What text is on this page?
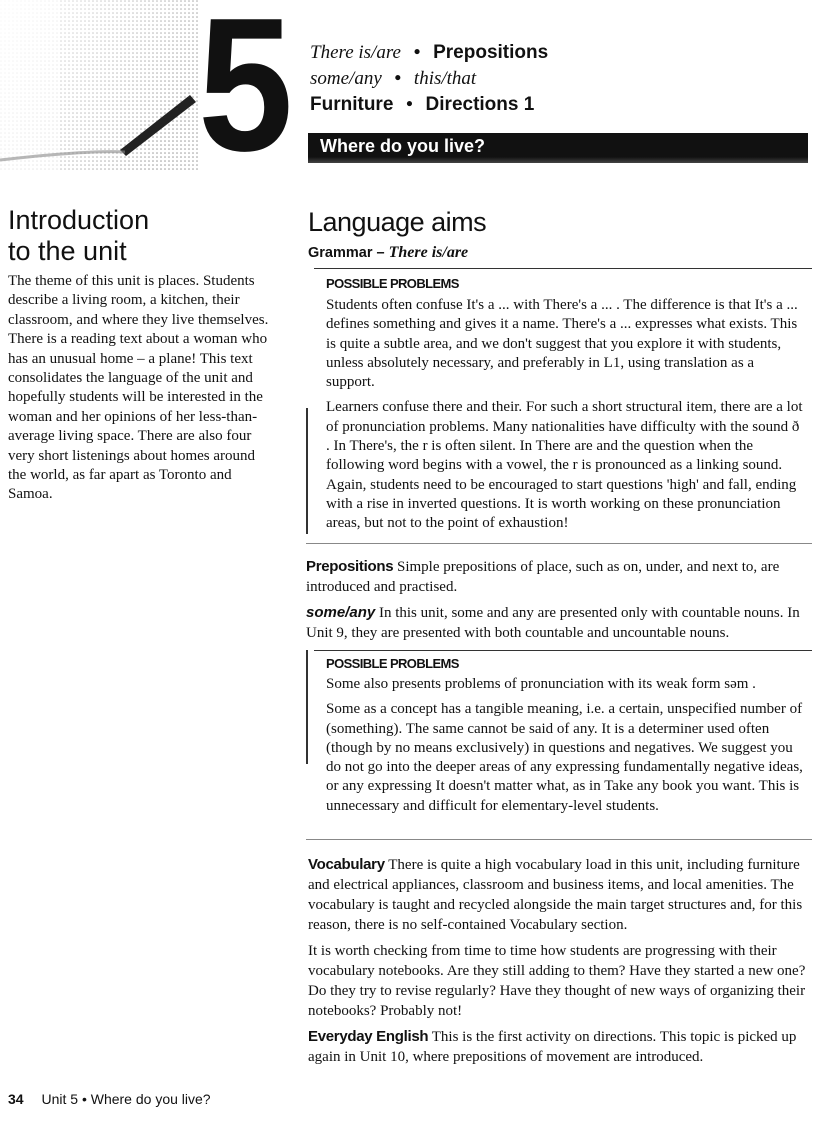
5 There is/are • Prepositions
some/any • this/that
Furniture • Directions 1
Where do you live?
Introduction
to the unit
The theme of this unit is places. Students describe a living room, a kitchen, their classroom, and where they live themselves. There is a reading text about a woman who has an unusual home – a plane! This text consolidates the language of the unit and hopefully students will be interested in the woman and her opinions of her less-than-average living space. There are also four very short listenings about homes around the world, as far apart as Toronto and Samoa.
Language aims
Grammar – There is/are
POSSIBLE PROBLEMS

Students often confuse It's a ... with There's a ... . The difference is that It's a ... defines something and gives it a name. There's a ... expresses what exists. This is quite a subtle area, and we don't suggest that you explore it with students, unless absolutely necessary, and preferably in L1, using translation as a support.

Learners confuse there and their. For such a short structural item, there are a lot of pronunciation problems. Many nationalities have difficulty with the sound ð . In There's, the r is often silent. In There are and the question when the following word begins with a vowel, the r is pronounced as a linking sound. Again, students need to be encouraged to start questions 'high' and fall, ending with a rise in inverted questions. It is worth working on these pronunciation areas, but not to the point of exhaustion!

Prepositions Simple prepositions of place, such as on, under, and next to, are introduced and practised.

some/any In this unit, some and any are presented only with countable nouns. In Unit 9, they are presented with both countable and uncountable nouns.

POSSIBLE PROBLEMS

Some also presents problems of pronunciation with its weak form səm .

Some as a concept has a tangible meaning, i.e. a certain, unspecified number of (something). The same cannot be said of any. It is a determiner used often (though by no means exclusively) in questions and negatives. We suggest you do not go into the deeper areas of any expressing fundamentally negative ideas, or any expressing It doesn't matter what, as in Take any book you want. This is unnecessary and difficult for elementary-level students.

Vocabulary There is quite a high vocabulary load in this unit, including furniture and electrical appliances, classroom and business items, and local amenities. The vocabulary is taught and recycled alongside the main target structures and, for this reason, there is no self-contained Vocabulary section.

It is worth checking from time to time how students are progressing with their vocabulary notebooks. Are they still adding to them? Have they started a new one? Do they try to revise regularly? Have they thought of new ways of organizing their notebooks? Probably not!

Everyday English This is the first activity on directions. This topic is picked up again in Unit 10, where prepositions of movement are introduced.

34 Unit 5 • Where do you live?
